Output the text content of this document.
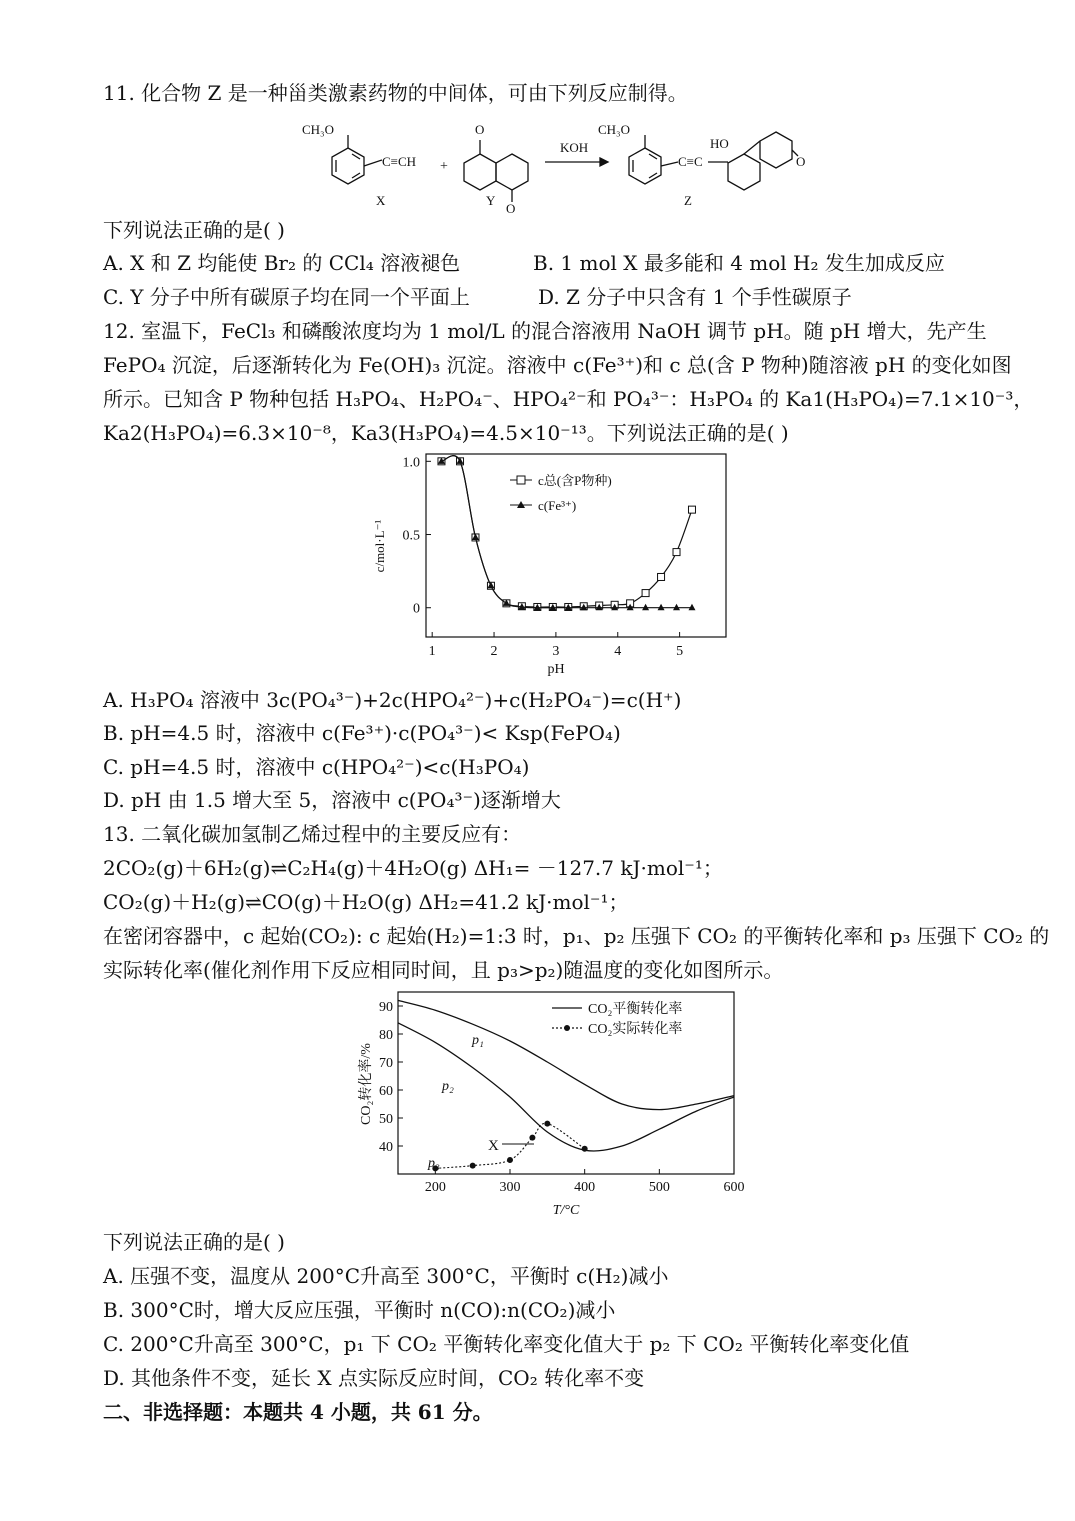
11. 化合物 Z 是一种甾类激素药物的中间体，可由下列反应制得。
CH₃O
C≡CH +
O
O
KOH
CH₃O
C≡C
HO
O
X	Y	Z
下列说法正确的是( )
A. X 和 Z 均能使 Br₂ 的 CCl₄ 溶液褪色	B. 1 mol X 最多能和 4 mol H₂ 发生加成反应
C. Y 分子中所有碳原子均在同一个平面上	D. Z 分子中只含有 1 个手性碳原子
12. 室温下，FeCl₃ 和磷酸浓度均为 1 mol/L 的混合溶液用 NaOH 调节 pH。随 pH 增大，先产生
FePO₄ 沉淀，后逐渐转化为 Fe(OH)₃ 沉淀。溶液中 c(Fe³⁺)和 c 总(含 P 物种)随溶液 pH 的变化如图
所示。已知含 P 物种包括 H₃PO₄、H₂PO₄⁻、HPO₄²⁻和 PO₄³⁻：H₃PO₄ 的 Ka1(H₃PO₄)=7.1×10⁻³，
Ka2(H₃PO₄)=6.3×10⁻⁸，Ka3(H₃PO₄)=4.5×10⁻¹³。下列说法正确的是( )
1	2	3	4	5
0
0.5
1.0
c总(含P物种)
c(Fe³⁺)
pH
c/mol·L⁻¹
A. H₃PO₄ 溶液中 3c(PO₄³⁻)+2c(HPO₄²⁻)+c(H₂PO₄⁻)=c(H⁺)
B. pH=4.5 时，溶液中 c(Fe³⁺)·c(PO₄³⁻)< Ksp(FePO₄)
C. pH=4.5 时，溶液中 c(HPO₄²⁻)<c(H₃PO₄)
D. pH 由 1.5 增大至 5，溶液中 c(PO₄³⁻)逐渐增大
13. 二氧化碳加氢制乙烯过程中的主要反应有：
2CO₂(g)＋6H₂(g)⇌C₂H₄(g)＋4H₂O(g) ΔH₁= －127.7 kJ·mol⁻¹；
CO₂(g)＋H₂(g)⇌CO(g)＋H₂O(g) ΔH₂=41.2 kJ·mol⁻¹；
在密闭容器中，c 起始(CO₂): c 起始(H₂)=1:3 时，p₁、p₂ 压强下 CO₂ 的平衡转化率和 p₃ 压强下 CO₂ 的
实际转化率(催化剂作用下反应相同时间，且 p₃>p₂)随温度的变化如图所示。
200	300	400	500	600
40
50
60
70
80
90	CO₂平衡转化率
CO₂实际转化率
p₁
p₂
p₃
X
T/°C
CO₂转化率/%
下列说法正确的是( )
A. 压强不变，温度从 200°C升高至 300°C，平衡时 c(H₂)减小
B. 300°C时，增大反应压强，平衡时 n(CO):n(CO₂)减小
C. 200°C升高至 300°C，p₁ 下 CO₂ 平衡转化率变化值大于 p₂ 下 CO₂ 平衡转化率变化值
D. 其他条件不变，延长 X 点实际反应时间，CO₂ 转化率不变
二、非选择题：本题共 4 小题，共 61 分。
